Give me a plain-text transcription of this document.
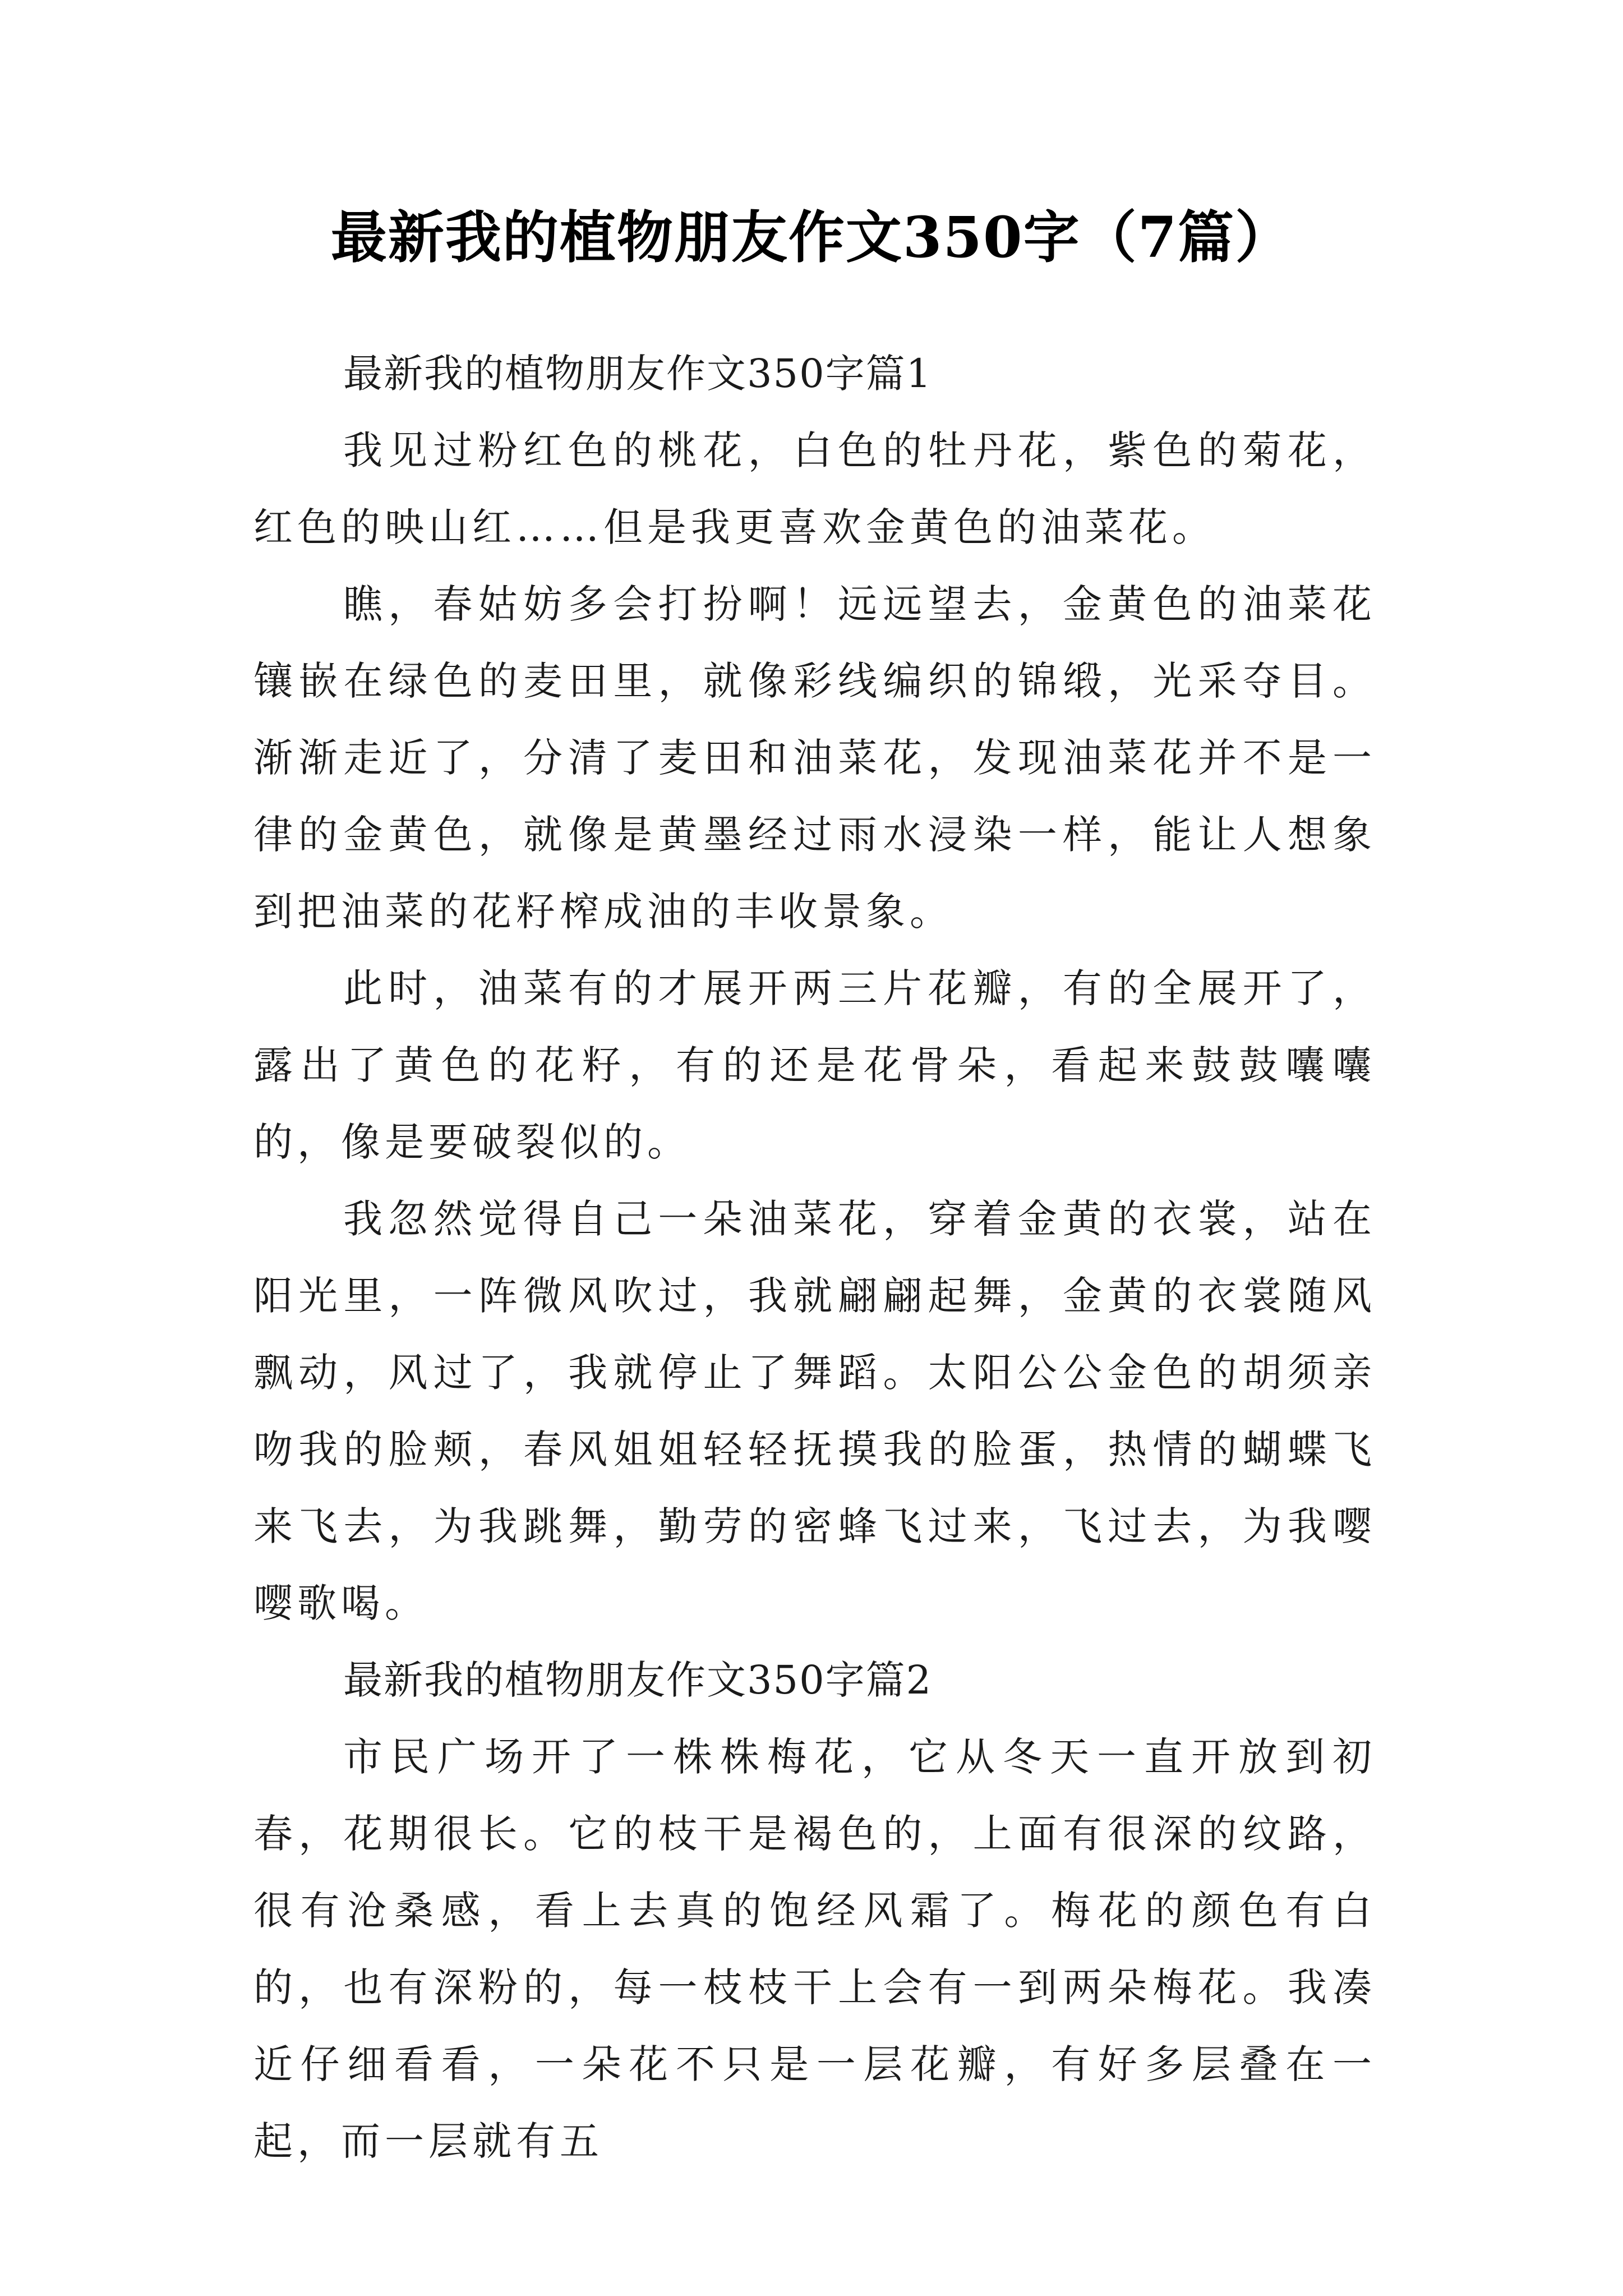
最新我的植物朋友作文350字（7篇）

最新我的植物朋友作文350字篇1

我见过粉红色的桃花，白色的牡丹花，紫色的菊花，红色的映山红……但是我更喜欢金黄色的油菜花。

瞧，春姑妨多会打扮啊！远远望去，金黄色的油菜花镶嵌在绿色的麦田里，就像彩线编织的锦缎，光采夺目。渐渐走近了，分清了麦田和油菜花，发现油菜花并不是一律的金黄色，就像是黄墨经过雨水浸染一样，能让人想象到把油菜的花籽榨成油的丰收景象。

此时，油菜有的才展开两三片花瓣，有的全展开了，露出了黄色的花籽，有的还是花骨朵，看起来鼓鼓囔囔的，像是要破裂似的。

我忽然觉得自己一朵油菜花，穿着金黄的衣裳，站在阳光里，一阵微风吹过，我就翩翩起舞，金黄的衣裳随风飘动，风过了，我就停止了舞蹈。太阳公公金色的胡须亲吻我的脸颊，春风姐姐轻轻抚摸我的脸蛋，热情的蝴蝶飞来飞去，为我跳舞，勤劳的密蜂飞过来，飞过去，为我嘤嘤歌喝。

最新我的植物朋友作文350字篇2

市民广场开了一株株梅花，它从冬天一直开放到初春，花期很长。它的枝干是褐色的，上面有很深的纹路，很有沧桑感，看上去真的饱经风霜了。梅花的颜色有白的，也有深粉的，每一枝枝干上会有一到两朵梅花。我凑近仔细看看，一朵花不只是一层花瓣，有好多层叠在一起，而一层就有五
